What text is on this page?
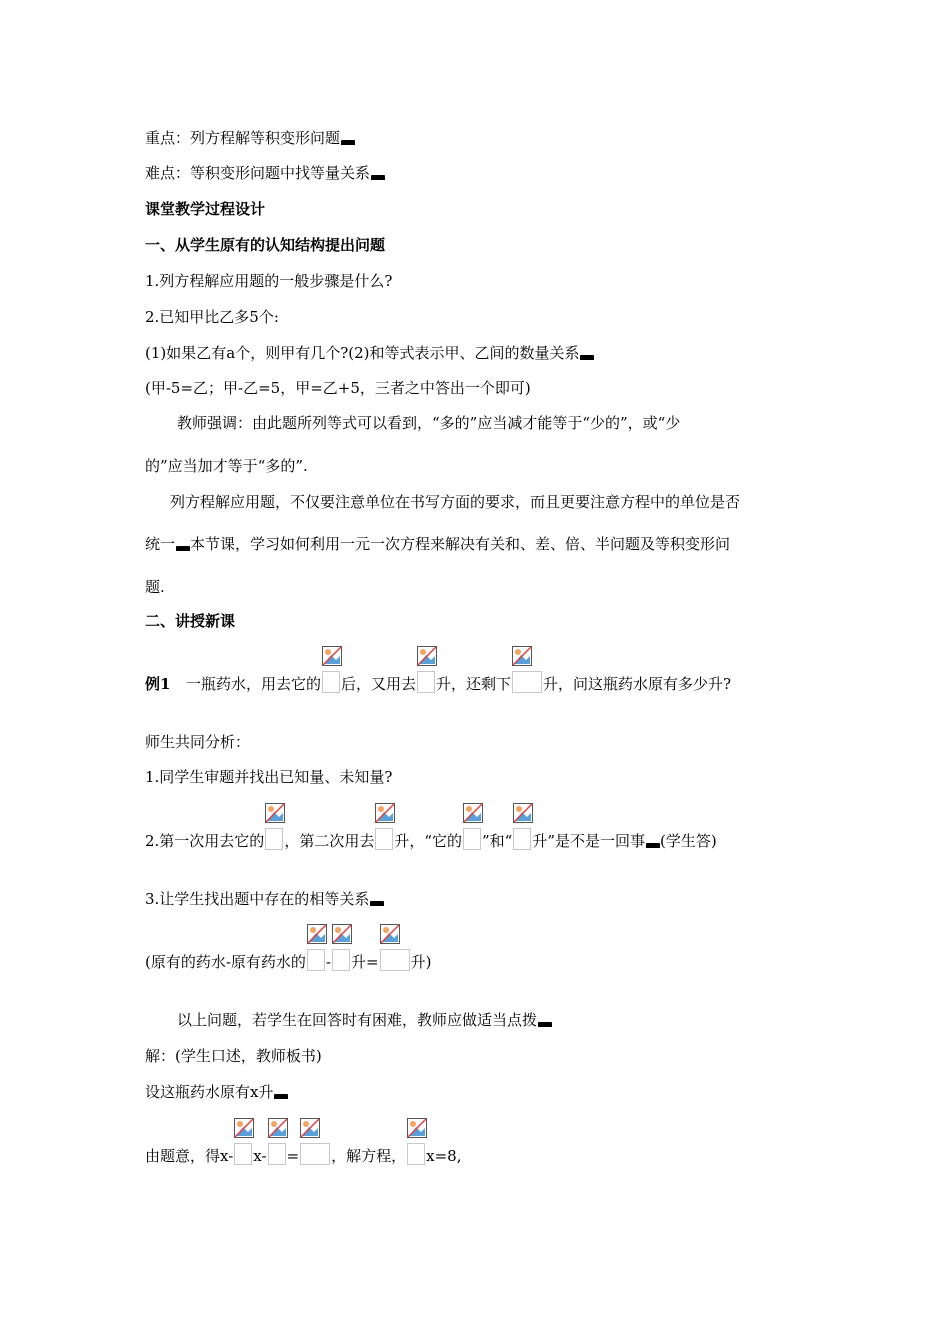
重点：列方程解等积变形问题
难点：等积变形问题中找等量关系
课堂教学过程设计
一、从学生原有的认知结构提出问题
1.列方程解应用题的一般步骤是什么?
2.已知甲比乙多5个:
(1)如果乙有a个，则甲有几个?(2)和等式表示甲、乙间的数量关系
(甲-5=乙；甲-乙=5，甲=乙+5，三者之中答出一个即可)
教师强调：由此题所列等式可以看到，“多的”应当减才能等于“少的”，或“少
的”应当加才等于“多的”.
列方程解应用题，不仅要注意单位在书写方面的要求，而且更要注意方程中的单位是否
统一 本节课，学习如何利用一元一次方程来解决有关和、差、倍、半问题及等积变形问
题.
二、讲授新课
例1 一瓶药水，用去它的 后，又用去 升，还剩下 升，问这瓶药水原有多少升?
师生共同分析：
1.同学生审题并找出已知量、未知量?
2.第一次用去它的 ，第二次用去 升，“它的 ”和“ 升”是不是一回事 (学生答)
3.让学生找出题中存在的相等关系
(原有的药水-原有药水的 - 升= 升)
以上问题，若学生在回答时有困难，教师应做适当点拨
解：(学生口述，教师板书)
设这瓶药水原有x升
由题意，得x- x- = ，解方程， x=8,
